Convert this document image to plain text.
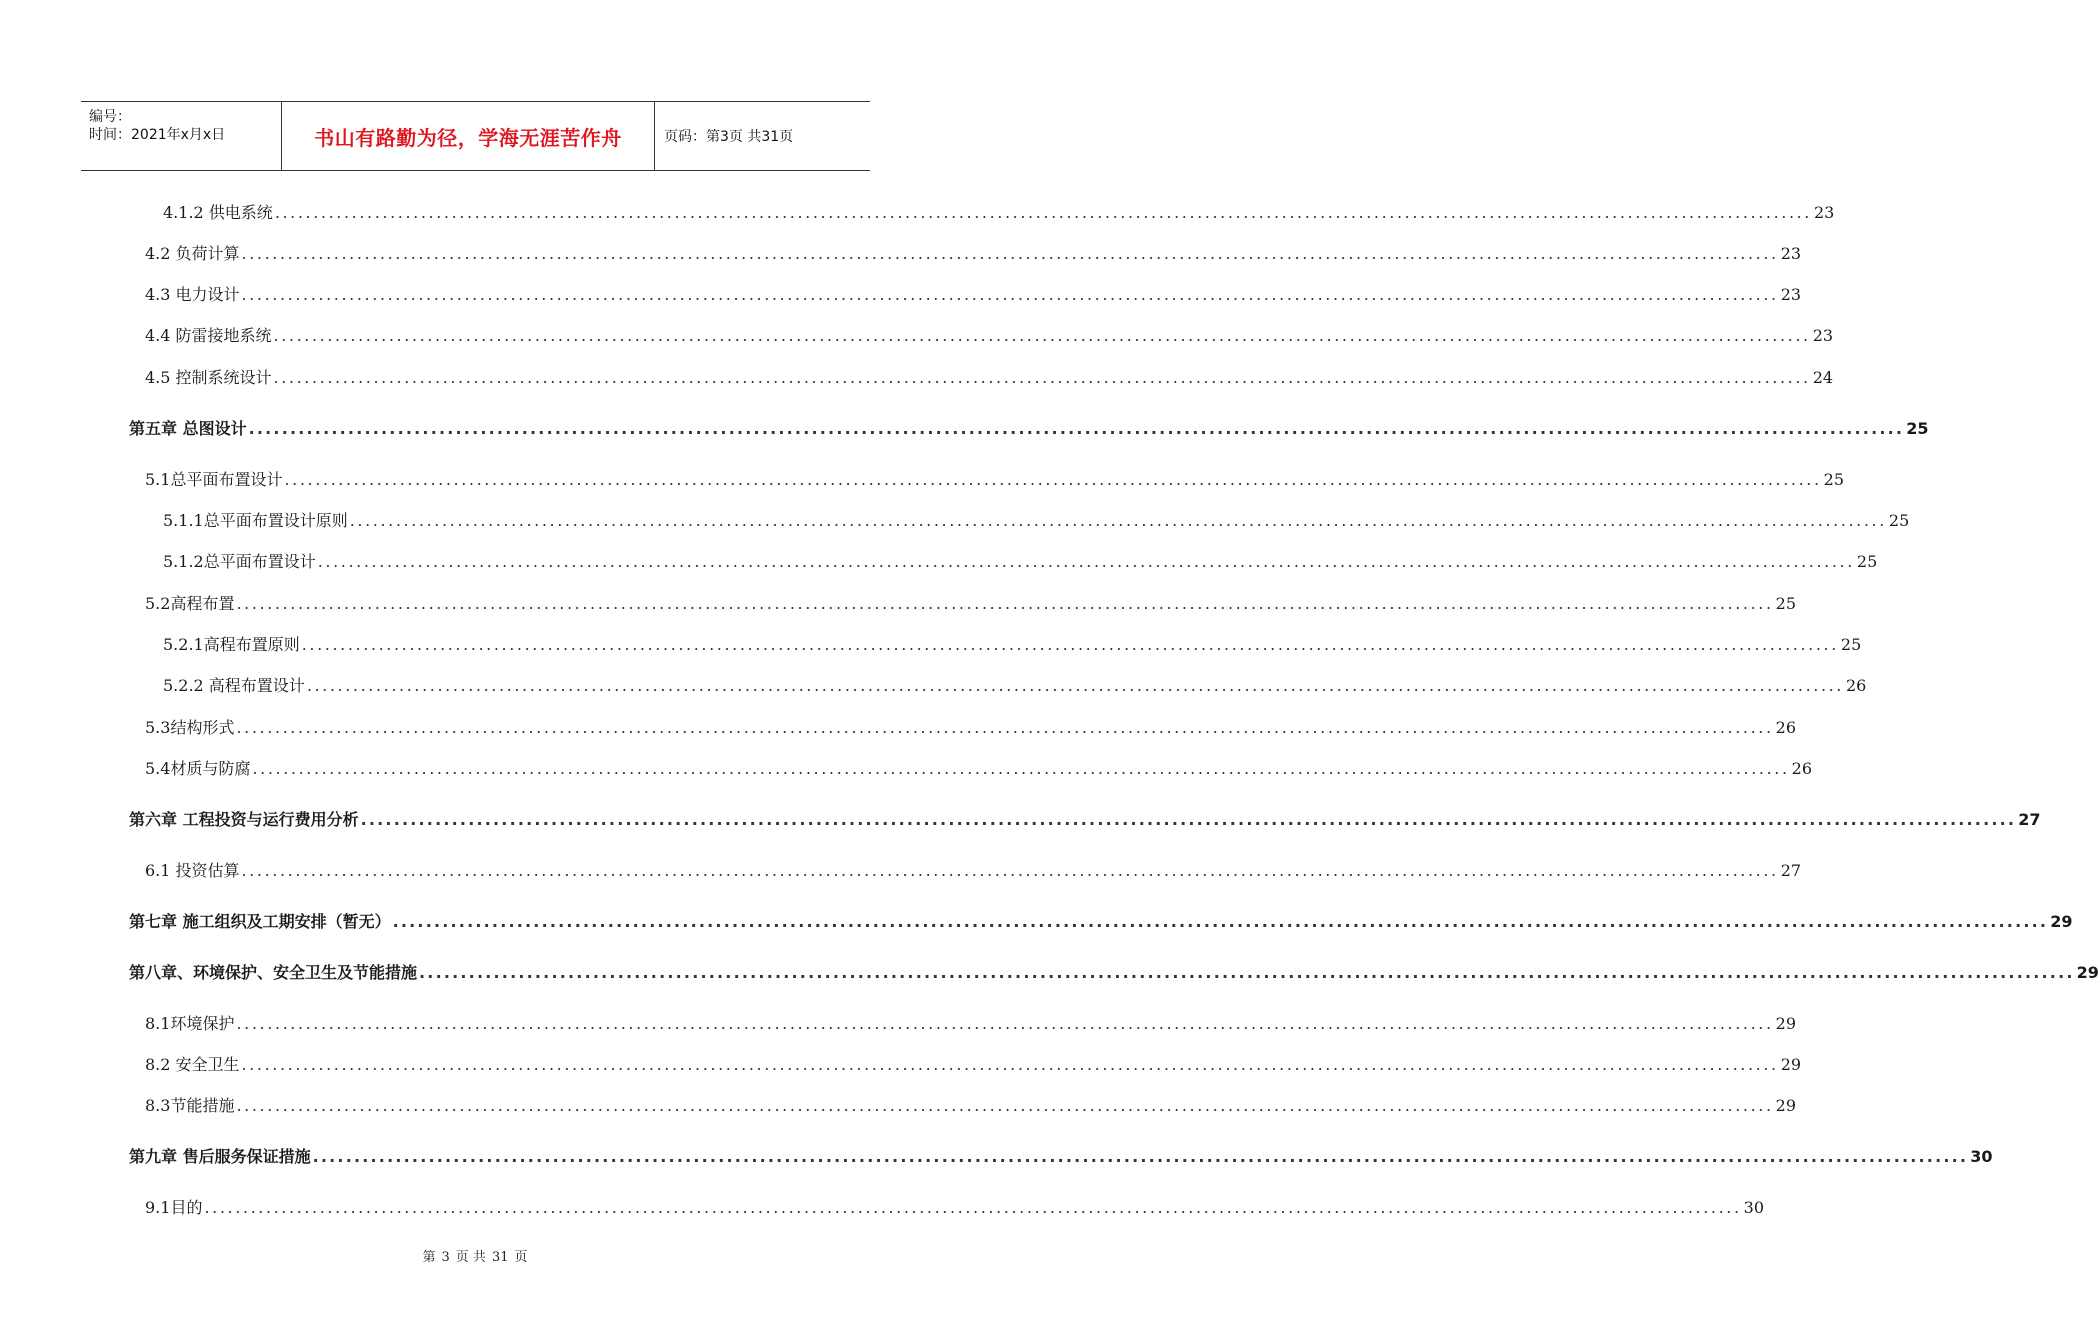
编号：
时间：2021年x月x日	书山有路勤为径，学海无涯苦作舟	页码：第3页 共31页
4.1.2 供电系统 ........................................................................................................................................................................................................ 23
4.2 负荷计算 ........................................................................................................................................................................................................ 23
4.3 电力设计 ........................................................................................................................................................................................................ 23
4.4 防雷接地系统 ........................................................................................................................................................................................................ 23
4.5 控制系统设计 ........................................................................................................................................................................................................ 24
第五章 总图设计 ........................................................................................................................................................................................................ 25
5.1总平面布置设计 ........................................................................................................................................................................................................ 25
5.1.1总平面布置设计原则 ........................................................................................................................................................................................................ 25
5.1.2总平面布置设计 ........................................................................................................................................................................................................ 25
5.2高程布置 ........................................................................................................................................................................................................ 25
5.2.1高程布置原则 ........................................................................................................................................................................................................ 25
5.2.2 高程布置设计 ........................................................................................................................................................................................................ 26
5.3结构形式 ........................................................................................................................................................................................................ 26
5.4材质与防腐 ........................................................................................................................................................................................................ 26
第六章 工程投资与运行费用分析 ........................................................................................................................................................................................................ 27
6.1 投资估算 ........................................................................................................................................................................................................ 27
第七章 施工组织及工期安排（暂无） ........................................................................................................................................................................................................ 29
第八章、环境保护、安全卫生及节能措施 ........................................................................................................................................................................................................ 29
8.1环境保护 ........................................................................................................................................................................................................ 29
8.2 安全卫生 ........................................................................................................................................................................................................ 29
8.3节能措施 ........................................................................................................................................................................................................ 29
第九章 售后服务保证措施 ........................................................................................................................................................................................................ 30
9.1目的 ........................................................................................................................................................................................................ 30
第 3 页 共 31 页
